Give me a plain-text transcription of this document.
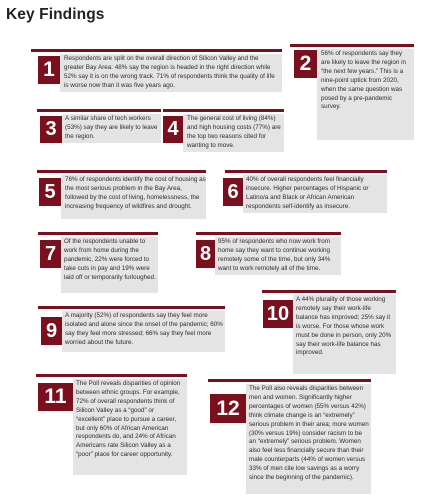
Key Findings
1	Respondents are split on the overall direction of Silicon Valley and the greater Bay Area: 48% say the region is headed in the right direction while 52% say it is on the wrong track. 71% of respondents think the quality of life is worse now than it was five years ago.

2	56% of respondents say they are likely to leave the region in “the next few years.” This is a nine-point uptick from 2020, when the same question was posed by a pre-pandemic survey.

3	A similar share of tech workers (53%) say they are likely to leave the region.	4	The general cost of living (84%) and high housing costs (77%) are the top two reasons cited for wanting to move.

5

76% of respondents identify the cost of housing as the most serious problem in the Bay Area, followed by the cost of living, homelessness, the increasing frequency of wildfires and drought.

6

40% of overall respondents feel financially insecure. Higher percentages of Hispanic or Latino/a and Black or African American respondents self-identify as insecure.

7

Of the respondents unable to work from home during the pandemic, 22% were forced to take cuts in pay and 19% were laid off or temporarily furloughed.

8

95% of respondents who now work from home say they want to continue working remotely some of the time, but only 34% want to work remotely all of the time.

9

A majority (52%) of respondents say they feel more isolated and alone since the onset of the pandemic; 60% say they feel more stressed; 66% say they feel more worried about the future.

10

A 44% plurality of those working remotely say their work-life balance has improved; 25% say it is worse. For those whose work must be done in person, only 20% say their work-life balance has improved.

11

The Poll reveals disparities of opinion between ethnic groups. For example, 72% of overall respondents think of Silicon Valley as a “good” or “excellent” place to pursue a career, but only 60% of African American respondents do, and 24% of African Americans rate Silicon Valley as a “poor” place for career opportunity.

12

The Poll also reveals disparities between men and women. Significantly higher percentages of women (55% versus 42%) think climate change is an “extremely” serious problem in their area; more women (30% versus 19%) consider racism to be an “extremely” serious problem. Women also feel less financially secure than their male counterparts (44% of women versus 33% of men cite low savings as a worry since the beginning of the pandemic).
